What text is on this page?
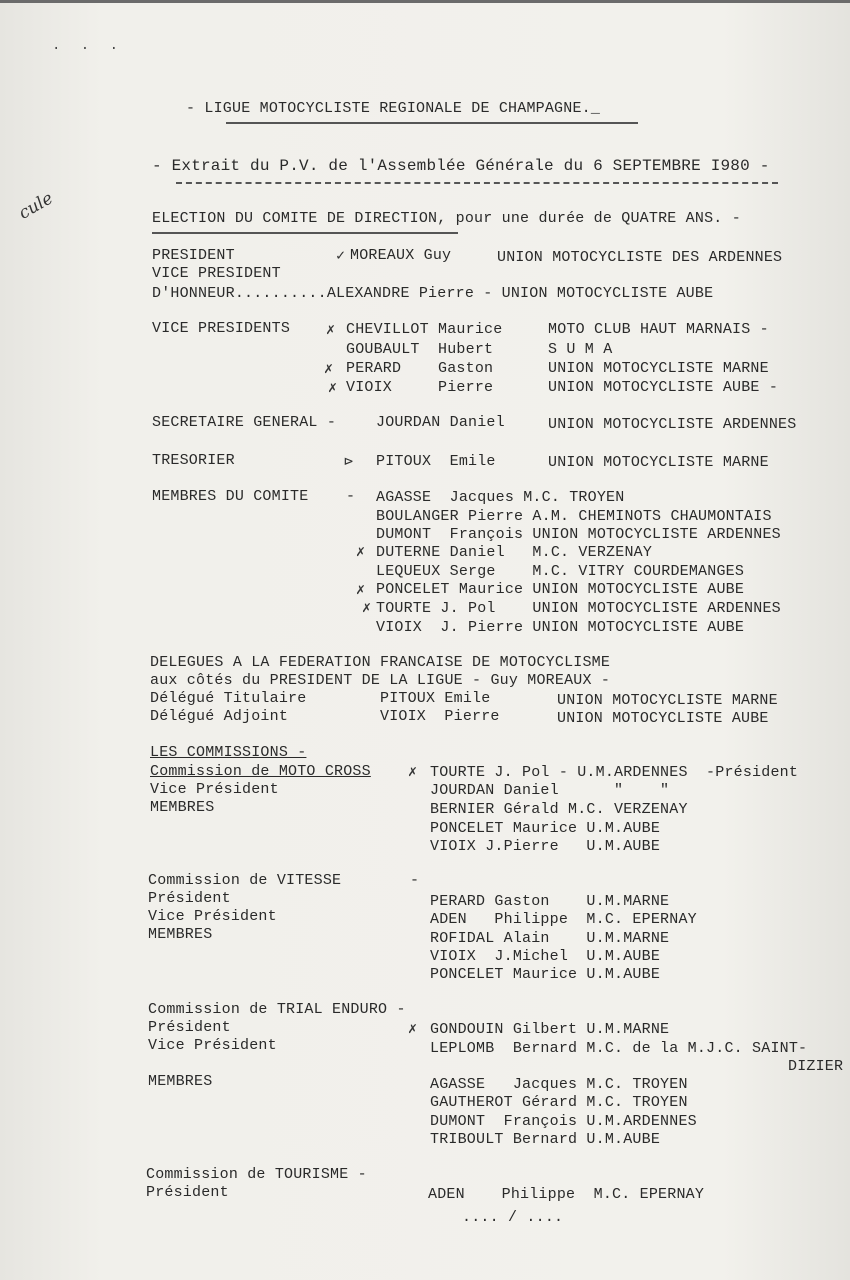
. . .
cule
- LIGUE MOTOCYCLISTE REGIONALE DE CHAMPAGNE._
- Extrait du P.V. de l'Assemblée Générale du 6 SEPTEMBRE I980 -
ELECTION DU COMITE DE DIRECTION, pour une durée de QUATRE ANS. -
PRESIDENT	✓ MOREAUX Guy	UNION MOTOCYCLISTE DES ARDENNES
VICE PRESIDENT
D'HONNEUR..........ALEXANDRE Pierre - UNION MOTOCYCLISTE AUBE
VICE PRESIDENTS ✗ CHEVILLOT Maurice	MOTO CLUB HAUT MARNAIS -
GOUBAULT  Hubert	S U M A
✗ PERARD    Gaston	UNION MOTOCYCLISTE MARNE
✗ VIOIX     Pierre	UNION MOTOCYCLISTE AUBE -
SECRETAIRE GENERAL -	JOURDAN Daniel	UNION MOTOCYCLISTE ARDENNES
TRESORIER	⊳ PITOUX  Emile	UNION MOTOCYCLISTE MARNE
MEMBRES DU COMITE	- AGASSE  Jacques M.C. TROYEN
BOULANGER Pierre A.M. CHEMINOTS CHAUMONTAIS
DUMONT  François UNION MOTOCYCLISTE ARDENNES
✗ DUTERNE Daniel   M.C. VERZENAY
LEQUEUX Serge    M.C. VITRY COURDEMANGES
✗ PONCELET Maurice UNION MOTOCYCLISTE AUBE
✗ TOURTE J. Pol    UNION MOTOCYCLISTE ARDENNES
VIOIX  J. Pierre UNION MOTOCYCLISTE AUBE
DELEGUES A LA FEDERATION FRANCAISE DE MOTOCYCLISME
aux côtés du PRESIDENT DE LA LIGUE - Guy MOREAUX -
Délégué Titulaire	PITOUX Emile	UNION MOTOCYCLISTE MARNE
Délégué Adjoint	VIOIX  Pierre	UNION MOTOCYCLISTE AUBE
LES COMMISSIONS -
Commission de MOTO CROSS ✗ TOURTE J. Pol - U.M.ARDENNES  -Président
Vice Président	JOURDAN Daniel      "    "
MEMBRES	BERNIER Gérald M.C. VERZENAY
PONCELET Maurice U.M.AUBE
VIOIX J.Pierre   U.M.AUBE
Commission de VITESSE	-
Président	PERARD Gaston    U.M.MARNE
Vice Président	ADEN   Philippe  M.C. EPERNAY
MEMBRES	ROFIDAL Alain    U.M.MARNE
VIOIX  J.Michel  U.M.AUBE
PONCELET Maurice U.M.AUBE
Commission de TRIAL ENDURO -
Président	✗ GONDOUIN Gilbert U.M.MARNE
Vice Président	LEPLOMB  Bernard M.C. de la M.J.C. SAINT-
DIZIER
MEMBRES	AGASSE   Jacques M.C. TROYEN
GAUTHEROT Gérard M.C. TROYEN
DUMONT  François U.M.ARDENNES
TRIBOULT Bernard U.M.AUBE
Commission de TOURISME -
Président	ADEN    Philippe  M.C. EPERNAY
.... / ....
